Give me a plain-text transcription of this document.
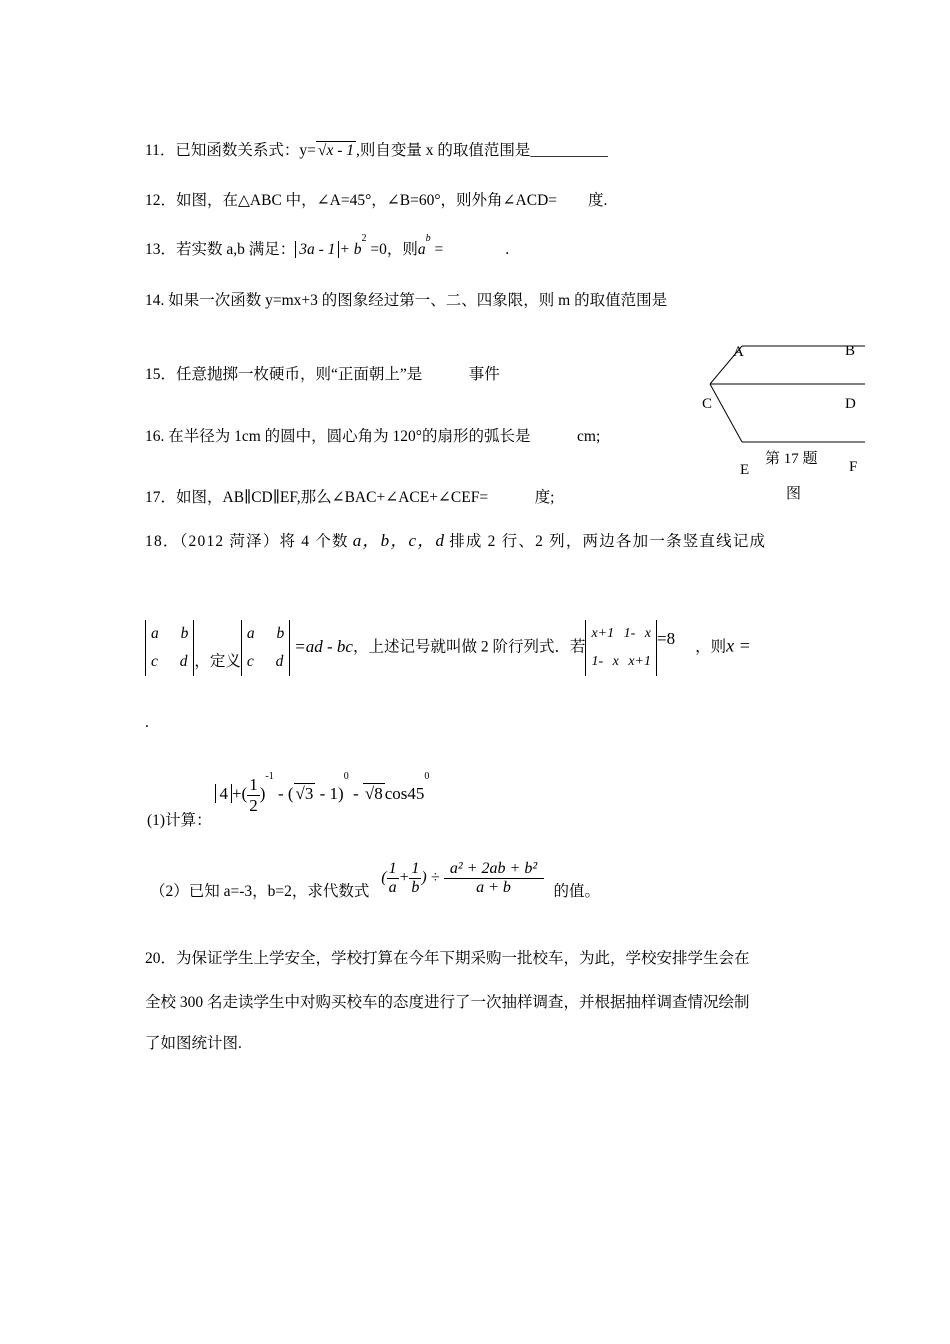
11．已知函数关系式：y= √x - 1 ,则自变量 x 的取值范围是__________
12．如图，在△ABC 中，∠A=45°，∠B=60°，则外角∠ACD=　　度.
13．若实数 a,b 满足： $3a - 1 + b^2 =0$，则$a^b$ =　　　　.
14. 如果一次函数 y=mx+3 的图象经过第一、二、四象限，则 m 的取值范围是
15．任意抛掷一枚硬币，则“正面朝上”是　　　事件
16. 在半径为 1cm 的圆中，圆心角为 120°的扇形的弧长是　　　cm;
17．如图，AB∥CD∥EF,那么∠BAC+∠ACE+∠CEF=　　　度;
A	B
C	D
E	F
第 17 题
图
18．（2012 菏泽）将 4 个数 a，b，c，d 排成 2 行、2 列，两边各加一条竖直线记成
a b
c d ，定义
a b
c d
=ad - bc，上述记号就叫做 2 阶行列式．若
x+1 1- x
1- x x+1
=8 ，则x =
.
(1)计算： 4 +( $\frac{1}{2} )^{-1}$ - ( √3 - 1)$^0$ - √8 $\cos 45^0$
（2）已知 a=-3，b=2，求代数式 ( $\frac{1}{a} + \frac{1}{b}$ ) ÷ $\frac{\text{a² + 2ab + b²}}{a + b}$ 的值。
20．为保证学生上学安全，学校打算在今年下期采购一批校车，为此，学校安排学生会在
全校 300 名走读学生中对购买校车的态度进行了一次抽样调查，并根据抽样调查情况绘制
了如图统计图.
